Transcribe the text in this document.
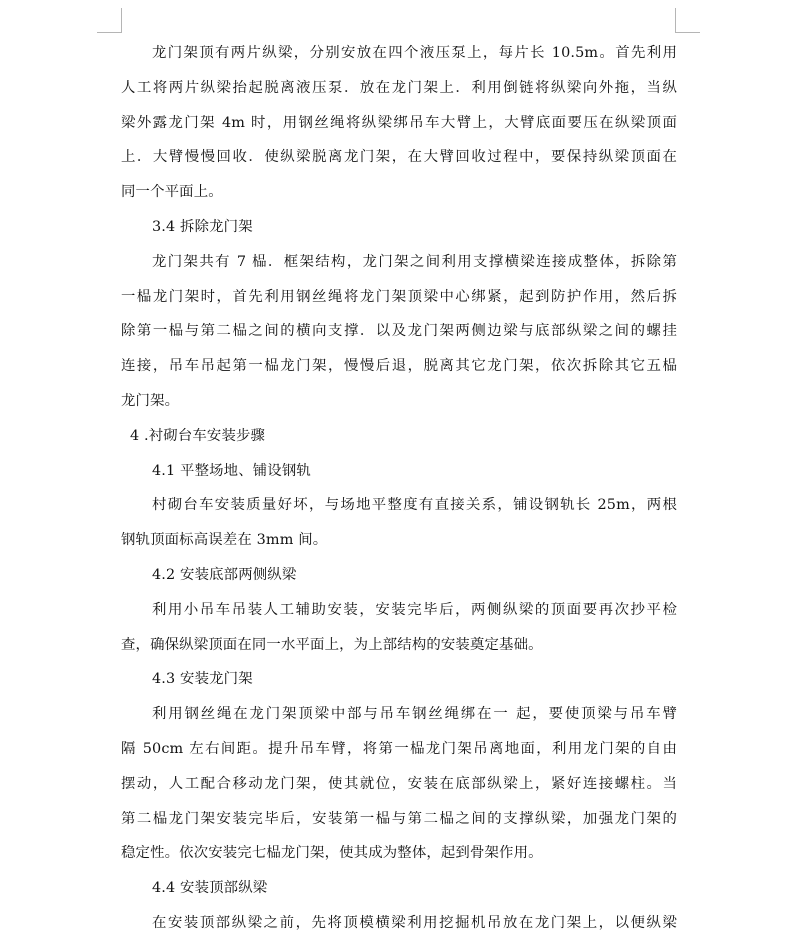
龙门架顶有两片纵梁，分别安放在四个液压泵上，每片长 10.5m。首先利用
人工将两片纵梁抬起脱离液压泵．放在龙门架上．利用倒链将纵梁向外拖，当纵
梁外露龙门架 4m 时，用钢丝绳将纵梁绑吊车大臂上，大臂底面要压在纵梁顶面
上．大臂慢慢回收．使纵梁脱离龙门架，在大臂回收过程中，要保持纵梁顶面在
同一个平面上。
3.4 拆除龙门架
龙门架共有 7 榀．框架结构，龙门架之间利用支撑横梁连接成整体，拆除第
一榀龙门架时，首先利用钢丝绳将龙门架顶梁中心绑紧，起到防护作用，然后拆
除第一榀与第二榀之间的横向支撑．以及龙门架两侧边梁与底部纵梁之间的螺挂
连接，吊车吊起第一榀龙门架，慢慢后退，脱离其它龙门架，依次拆除其它五榀
龙门架。
4 .衬砌台车安装步骤
4.1 平整场地、铺设钢轨
村砌台车安装质量好坏，与场地平整度有直接关系，铺设钢轨长 25m，两根
钢轨顶面标高误差在 3mm 间。
4.2 安装底部两侧纵梁
利用小吊车吊装人工辅助安装，安装完毕后，两侧纵梁的顶面要再次抄平检
查，确保纵梁顶面在同一水平面上，为上部结构的安装奠定基础。
4.3 安装龙门架
利用钢丝绳在龙门架顶梁中部与吊车钢丝绳绑在一 起，要使顶梁与吊车臂
隔 50cm 左右间距。提升吊车臂，将第一榀龙门架吊离地面，利用龙门架的自由
摆动，人工配合移动龙门架，使其就位，安装在底部纵梁上，紧好连接螺柱。当
第二榀龙门架安装完毕后，安装第一榀与第二榀之间的支撑纵梁，加强龙门架的
稳定性。依次安装完七榀龙门架，使其成为整体，起到骨架作用。
4.4 安装顶部纵梁
在安装顶部纵梁之前，先将顶模横梁利用挖掘机吊放在龙门架上，以便纵梁
